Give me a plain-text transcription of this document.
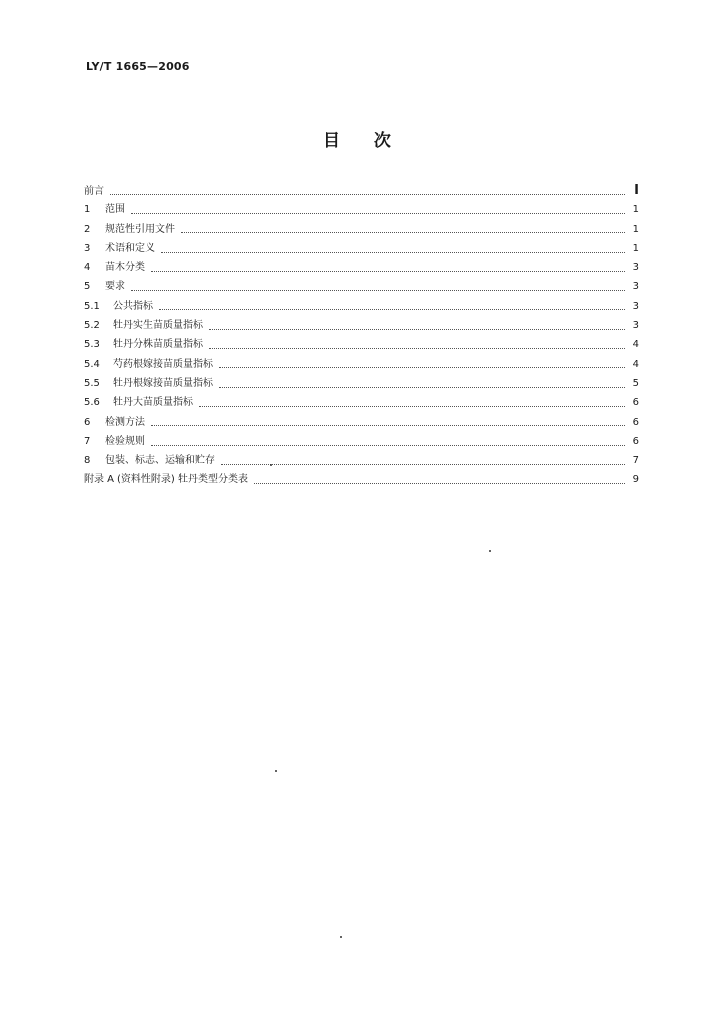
LY/T 1665—2006
目 次
前言	I
1	范围	1
2	规范性引用文件	1
3	术语和定义	1
4	苗木分类	3
5	要求	3
5.1	公共指标	3
5.2	牡丹实生苗质量指标	3
5.3	牡丹分株苗质量指标	4
5.4	芍药根嫁接苗质量指标	4
5.5	牡丹根嫁接苗质量指标	5
5.6	牡丹大苗质量指标	6
6	检测方法	6
7	检验规则	6
8	包装、标志、运输和贮存	7
附录 A (资料性附录) 牡丹类型分类表	9
